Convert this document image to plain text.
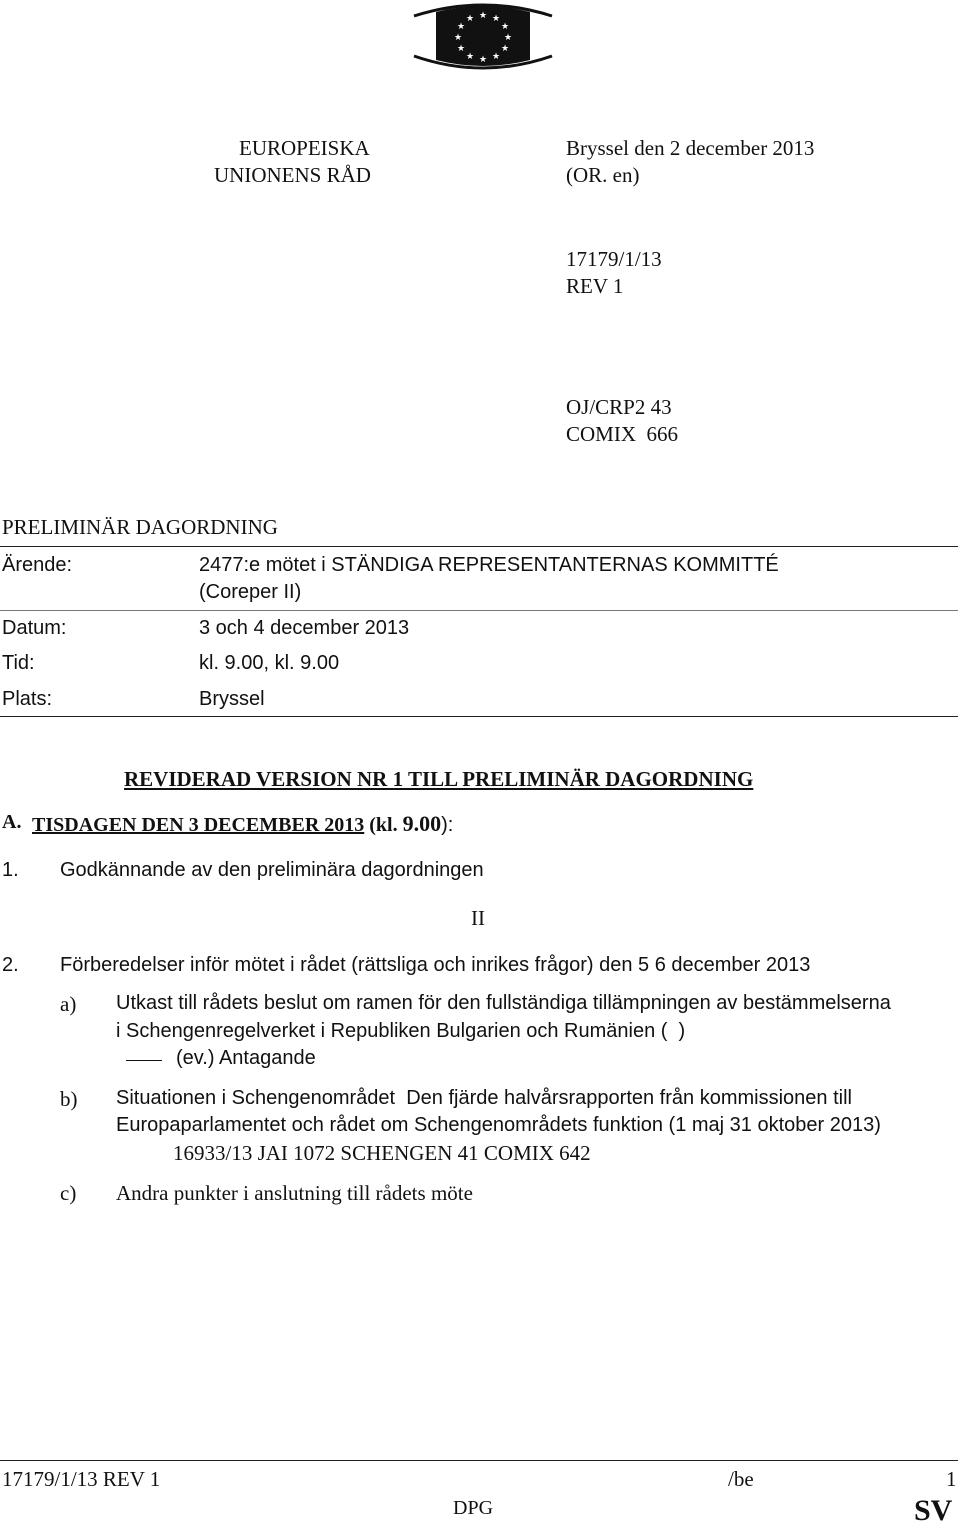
★ ★
★
★
★
★
★
★
★
★
★
★
EUROPEISKA
UNIONENS RÅD
Bryssel den 2 december 2013
(OR. en)
17179/1/13
REV 1
OJ/CRP2 43
COMIX  666
PRELIMINÄR DAGORDNING
Ärende:	2477:e mötet i STÄNDIGA REPRESENTANTERNAS KOMMITTÉ
(Coreper II)
Datum:	3 och 4 december 2013
Tid:	kl. 9.00, kl. 9.00
Plats:	Bryssel
REVIDERAD VERSION NR 1 TILL PRELIMINÄR DAGORDNING
A. TISDAGEN DEN 3 DECEMBER 2013 (kl. 9.00):
1. Godkännande av den preliminära dagordningen
II
2. Förberedelser inför mötet i rådet (rättsliga och inrikes frågor) den 5 6 december 2013
a) Utkast till rådets beslut om ramen för den fullständiga tillämpningen av bestämmelserna
i Schengenregelverket i Republiken Bulgarien och Rumänien (  )
(ev.) Antagande
b) Situationen i Schengenområdet  Den fjärde halvårsrapporten från kommissionen till
Europaparlamentet och rådet om Schengenområdets funktion (1 maj 31 oktober 2013)
16933/13 JAI 1072 SCHENGEN 41 COMIX 642
c) Andra punkter i anslutning till rådets möte
17179/1/13 REV 1	/be	1
DPG	SV
